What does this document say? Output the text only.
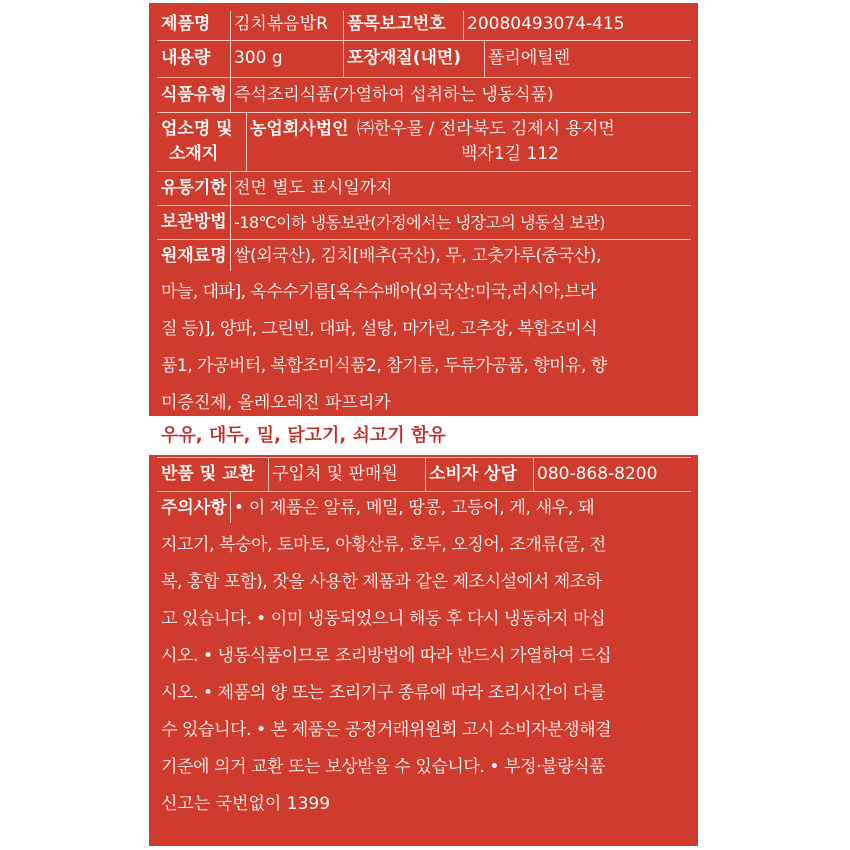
제품명 김치볶음밥R 품목보고번호 20080493074-415
내용량 300 g	포장재질(내면) 폴리에틸렌
식품유형 즉석조리식품(가열하여 섭취하는 냉동식품)
업소명 및
소재지
농업회사법인 ㈜한우물 / 전라북도 김제시 용지면
백자1길 112
유통기한 전면 별도 표시일까지
보관방법 -18℃이하 냉동보관(가정에서는 냉장고의 냉동실 보관)
원재료명 쌀(외국산), 김치[배추(국산), 무, 고춧가루(중국산),
마늘, 대파], 옥수수기름[옥수수배아(외국산:미국,러시아,브라
질 등)], 양파, 그린빈, 대파, 설탕, 마가린, 고추장, 복합조미식
품1, 가공버터, 복합조미식품2, 참기름, 두류가공품, 향미유, 향
미증진제, 올레오레진 파프리카
우유, 대두, 밀, 닭고기, 쇠고기 함유
반품 및 교환 구입처 및 판매원 소비자 상담 080-868-8200
주의사항 • 이 제품은 알류, 메밀, 땅콩, 고등어, 게, 새우, 돼
지고기, 복숭아, 토마토, 아황산류, 호두, 오징어, 조개류(굴, 전
복, 홍합 포함), 잣을 사용한 제품과 같은 제조시설에서 제조하
고 있습니다. • 이미 냉동되었으니 해동 후 다시 냉동하지 마십
시오. • 냉동식품이므로 조리방법에 따라 반드시 가열하여 드십
시오. • 제품의 양 또는 조리기구 종류에 따라 조리시간이 다를
수 있습니다. • 본 제품은 공정거래위원회 고시 소비자분쟁해결
기준에 의거 교환 또는 보상받을 수 있습니다. • 부정·불량식품
신고는 국번없이 1399
